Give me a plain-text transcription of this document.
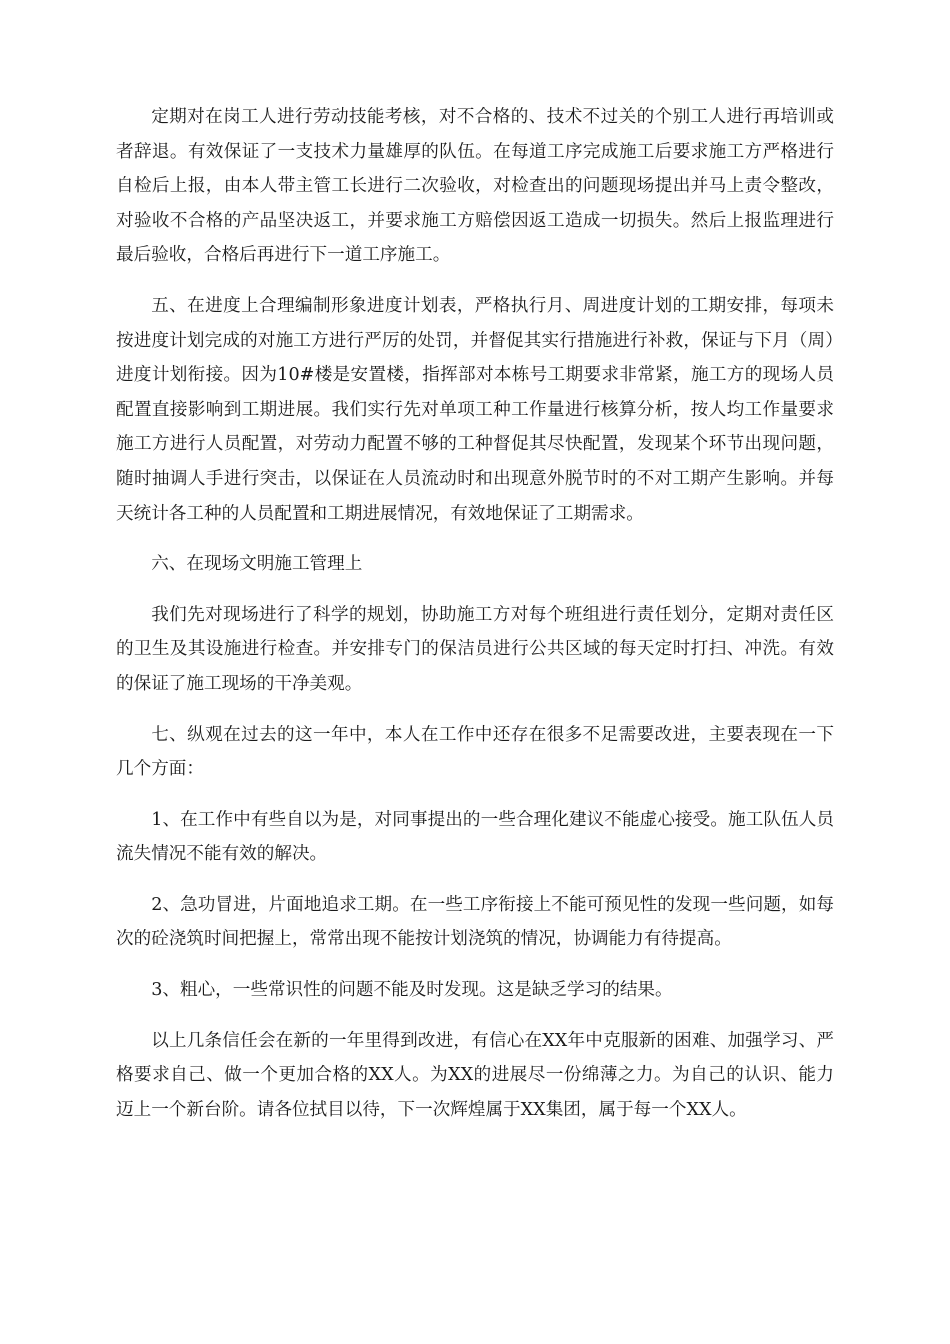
定期对在岗工人进行劳动技能考核，对不合格的、技术不过关的个别工人进行再培训或者辞退。有效保证了一支技术力量雄厚的队伍。在每道工序完成施工后要求施工方严格进行自检后上报，由本人带主管工长进行二次验收，对检查出的问题现场提出并马上责令整改，对验收不合格的产品坚决返工，并要求施工方赔偿因返工造成一切损失。然后上报监理进行最后验收，合格后再进行下一道工序施工。

五、在进度上合理编制形象进度计划表，严格执行月、周进度计划的工期安排，每项未按进度计划完成的对施工方进行严厉的处罚，并督促其实行措施进行补救，保证与下月（周）进度计划衔接。因为10#楼是安置楼，指挥部对本栋号工期要求非常紧，施工方的现场人员配置直接影响到工期进展。我们实行先对单项工种工作量进行核算分析，按人均工作量要求施工方进行人员配置，对劳动力配置不够的工种督促其尽快配置，发现某个环节出现问题，随时抽调人手进行突击，以保证在人员流动时和出现意外脱节时的不对工期产生影响。并每天统计各工种的人员配置和工期进展情况，有效地保证了工期需求。

六、在现场文明施工管理上

我们先对现场进行了科学的规划，协助施工方对每个班组进行责任划分，定期对责任区的卫生及其设施进行检查。并安排专门的保洁员进行公共区域的每天定时打扫、冲洗。有效的保证了施工现场的干净美观。

七、纵观在过去的这一年中，本人在工作中还存在很多不足需要改进，主要表现在一下几个方面：

1、在工作中有些自以为是，对同事提出的一些合理化建议不能虚心接受。施工队伍人员流失情况不能有效的解决。

2、急功冒进，片面地追求工期。在一些工序衔接上不能可预见性的发现一些问题，如每次的砼浇筑时间把握上，常常出现不能按计划浇筑的情况，协调能力有待提高。

3、粗心，一些常识性的问题不能及时发现。这是缺乏学习的结果。

以上几条信任会在新的一年里得到改进，有信心在XX年中克服新的困难、加强学习、严格要求自己、做一个更加合格的XX人。为XX的进展尽一份绵薄之力。为自己的认识、能力迈上一个新台阶。请各位拭目以待，下一次辉煌属于XX集团，属于每一个XX人。
